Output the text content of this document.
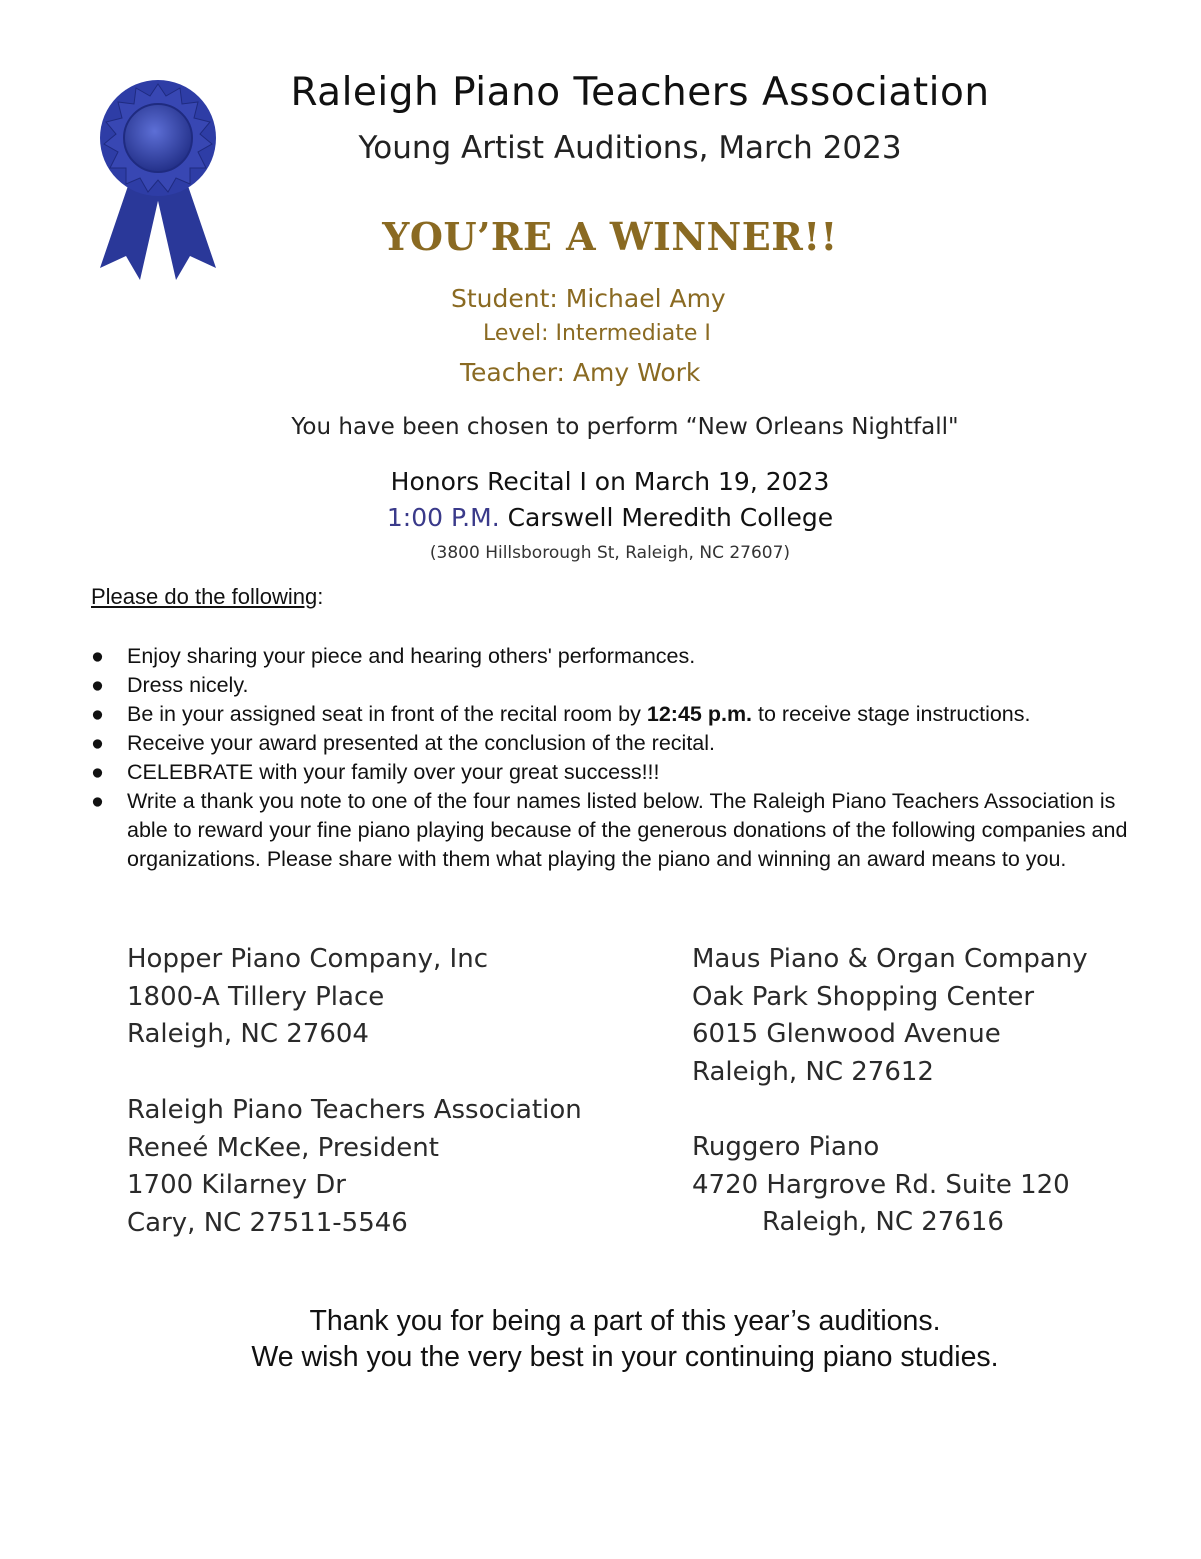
Raleigh Piano Teachers Association
Young Artist Auditions, March 2023
YOU’RE A WINNER!!
Student: Michael Amy
Level: Intermediate I
Teacher: Amy Work
You have been chosen to perform “New Orleans Nightfall"
Honors Recital I on March 19, 2023
1:00 P.M. Carswell Meredith College
(3800 Hillsborough St, Raleigh, NC 27607)
Please do the following:
● Enjoy sharing your piece and hearing others' performances.
● Dress nicely.
● Be in your assigned seat in front of the recital room by 12:45 p.m. to receive stage instructions.
● Receive your award presented at the conclusion of the recital.
● CELEBRATE with your family over your great success!!!
● Write a thank you note to one of the four names listed below. The Raleigh Piano Teachers Association is able to reward your fine piano playing because of the generous donations of the following companies and organizations. Please share with them what playing the piano and winning an award means to you.
Hopper Piano Company, Inc
1800-A Tillery Place
Raleigh, NC 27604
Maus Piano & Organ Company
Oak Park Shopping Center
6015 Glenwood Avenue
Raleigh, NC 27612
Raleigh Piano Teachers Association
Reneé McKee, President
1700 Kilarney Dr
Cary, NC 27511-5546
Ruggero Piano
4720 Hargrove Rd. Suite 120
Raleigh, NC 27616
Thank you for being a part of this year’s auditions.
We wish you the very best in your continuing piano studies.
